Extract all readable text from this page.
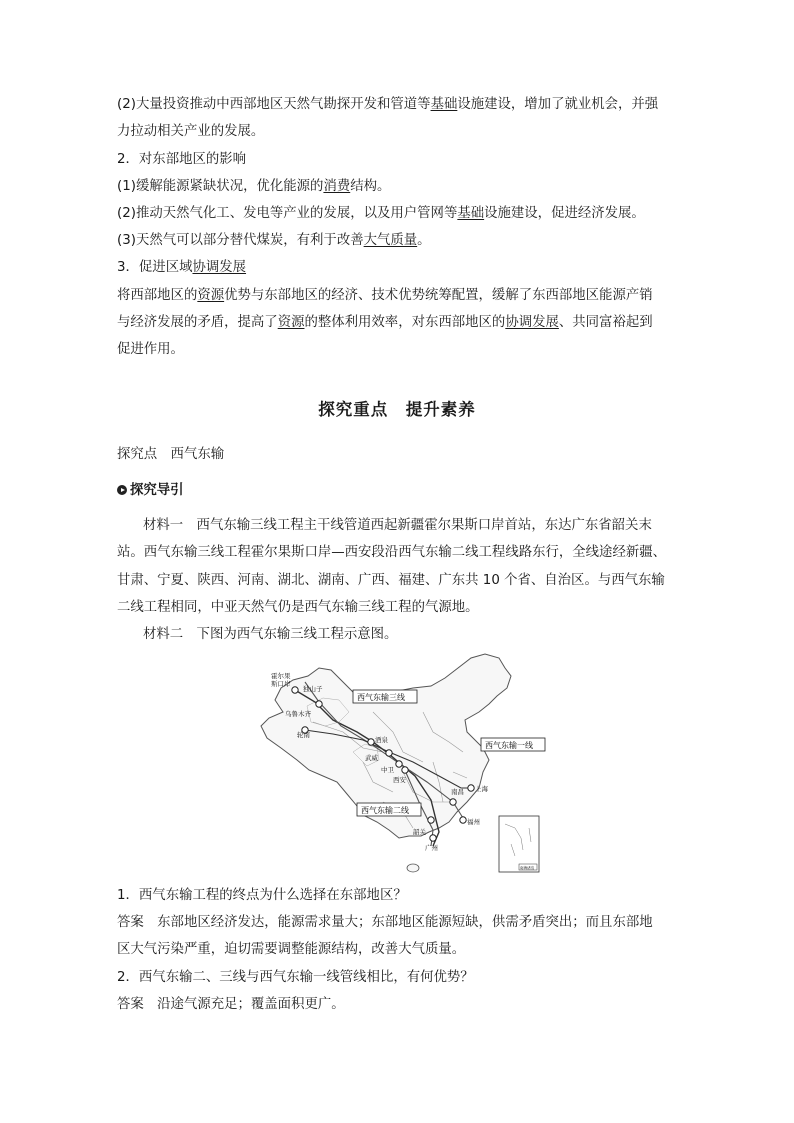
(2)大量投资推动中西部地区天然气勘探开发和管道等基础设施建设，增加了就业机会，并强
力拉动相关产业的发展。
2．对东部地区的影响
(1)缓解能源紧缺状况，优化能源的消费结构。
(2)推动天然气化工、发电等产业的发展，以及用户管网等基础设施建设，促进经济发展。
(3)天然气可以部分替代煤炭，有利于改善大气质量。
3．促进区域协调发展
将西部地区的资源优势与东部地区的经济、技术优势统筹配置，缓解了东西部地区能源产销
与经济发展的矛盾，提高了资源的整体利用效率，对东西部地区的协调发展、共同富裕起到
促进作用。
探究重点　提升素养
探究点　西气东输
探究导引
材料一　西气东输三线工程主干线管道西起新疆霍尔果斯口岸首站，东达广东省韶关末
站。西气东输三线工程霍尔果斯口岸—西安段沿西气东输二线工程线路东行，全线途经新疆、
甘肃、宁夏、陕西、河南、湖北、湖南、广西、福建、广东共 10 个省、自治区。与西气东输
二线工程相同，中亚天然气仍是西气东输三线工程的气源地。
材料二　下图为西气东输三线工程示意图。
霍尔果
斯口岸
独山子
乌鲁木齐
轮南
酒泉
武威
中卫
西安
上海
南昌
韶关
福州
广州
西气东输三线
西气东输一线
西气东输二线
南海诸岛
1．西气东输工程的终点为什么选择在东部地区？
答案　东部地区经济发达，能源需求量大；东部地区能源短缺，供需矛盾突出；而且东部地
区大气污染严重，迫切需要调整能源结构，改善大气质量。
2．西气东输二、三线与西气东输一线管线相比，有何优势？
答案　沿途气源充足；覆盖面积更广。
